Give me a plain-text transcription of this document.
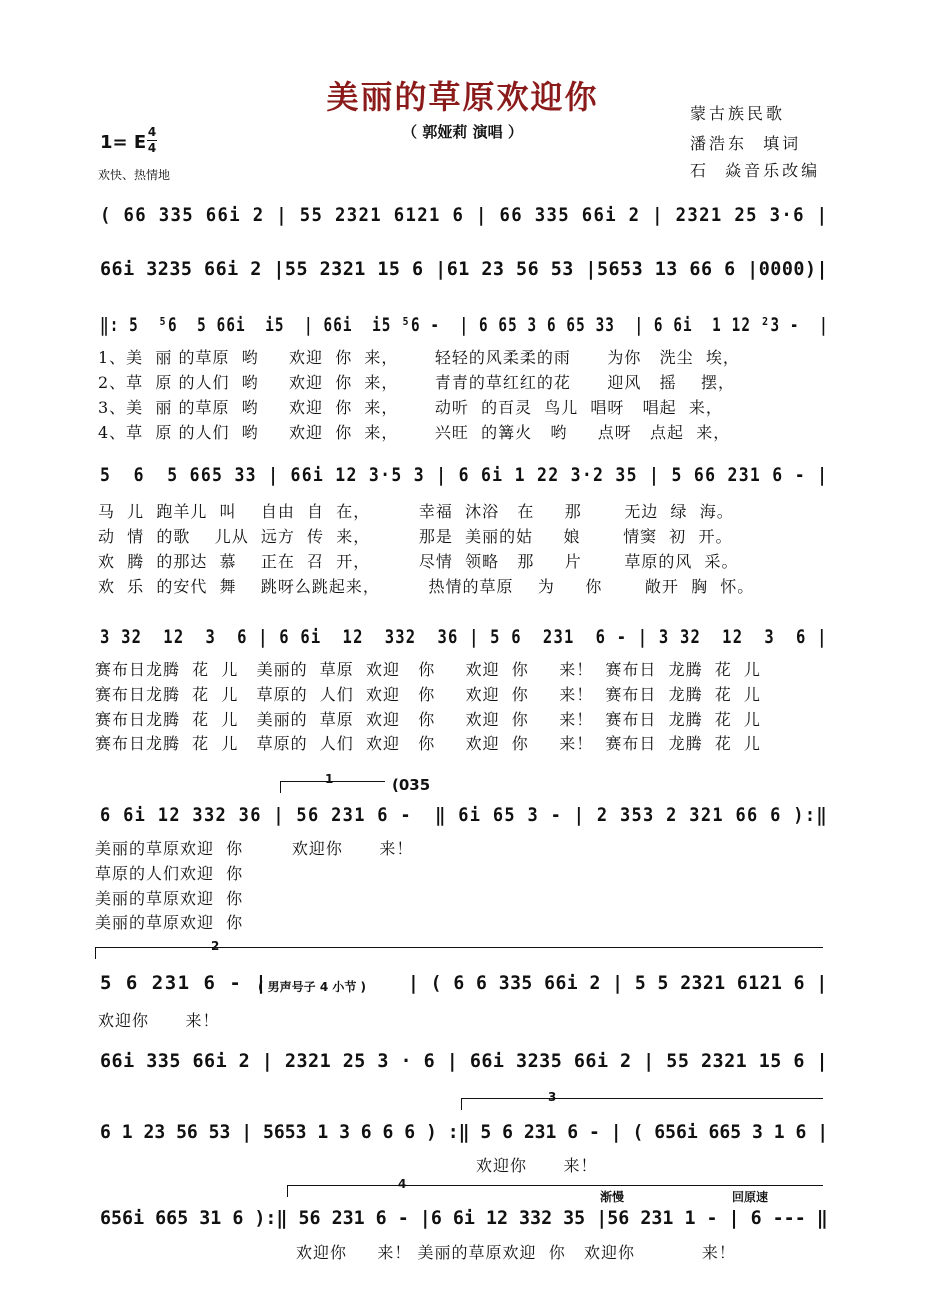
美丽的草原欢迎你
（ 郭娅莉 演唱 ）
蒙古族民歌
潘浩东  填词
石  焱音乐改编
1= E 4
4
欢快、热情地
( 66 335 66i 2 | 55 2321 6121 6 | 66 335 66i 2 | 2321 25 3·6 |
66i 3235 66i 2 |55 2321 15 6 |61 23 56 53 |5653 13 66 6 |0000)|
‖: 5  ⁵6  5 66i  i5  | 66i  i5 ⁵6 -  | 6 65 3 6 65 33  | 6 6i  1 12 ²3 -  |
1、美  丽 的草原  哟     欢迎  你  来，      轻轻的风柔柔的雨      为你   洗尘  埃，
2、草  原 的人们  哟     欢迎  你  来，      青青的草红红的花      迎风   摇    摆，
3、美  丽 的草原  哟     欢迎  你  来，      动听  的百灵  鸟儿  唱呀   唱起  来，
4、草  原 的人们  哟     欢迎  你  来，      兴旺  的篝火   哟     点呀   点起  来，
5  6  5 665 33 | 66i 12 3·5 3 | 6 6i 1 22 3·2 35 | 5 66 231 6 - |
马  儿  跑羊儿  叫    自由  自  在，        幸福  沐浴   在     那       无边  绿  海。
动  情  的歌    儿从  远方  传  来，        那是  美丽的姑     娘       情窦  初  开。
欢  腾  的那达  慕    正在  召  开，        尽情  领略   那     片       草原的风  采。
欢  乐  的安代  舞    跳呀么跳起来，        热情的草原    为     你       敞开  胸  怀。
3 32  12  3  6 | 6 6i  12  332  36 | 5 6  231  6 - | 3 32  12  3  6 |
赛布日龙腾  花  儿   美丽的  草原  欢迎   你     欢迎  你     来！  赛布日  龙腾  花  儿
赛布日龙腾  花  儿   草原的  人们  欢迎   你     欢迎  你     来！  赛布日  龙腾  花  儿
赛布日龙腾  花  儿   美丽的  草原  欢迎   你     欢迎  你     来！  赛布日  龙腾  花  儿
赛布日龙腾  花  儿   草原的  人们  欢迎   你     欢迎  你     来！  赛布日  龙腾  花  儿
1	(035
6 6i 12 332 36 | 56 231 6 -  ‖ 6i 65 3 - | 2 353 2 321 66 6 ):‖
美丽的草原欢迎  你        欢迎你      来！
草原的人们欢迎  你
美丽的草原欢迎  你
美丽的草原欢迎  你
2
5 6 231 6 - |
( 男声号子 4 小节 ) | ( 6 6 335 66i 2 | 5 5 2321 6121 6 |
欢迎你      来！
66i 335 66i 2 | 2321 25 3 · 6 | 66i 3235 66i 2 | 55 2321 15 6 |
3
6 1 23 56 53 | 5653 1 3 6 6 6 ) :‖ 5 6 231 6 - | ( 656i 665 3 1 6 |
欢迎你      来！
4
渐慢	回原速
656i 665 31 6 ):‖ 56 231 6 - |6 6i 12 332 35 |56 231 1 - | 6 --- ‖
欢迎你     来！ 美丽的草原欢迎  你   欢迎你           来！
